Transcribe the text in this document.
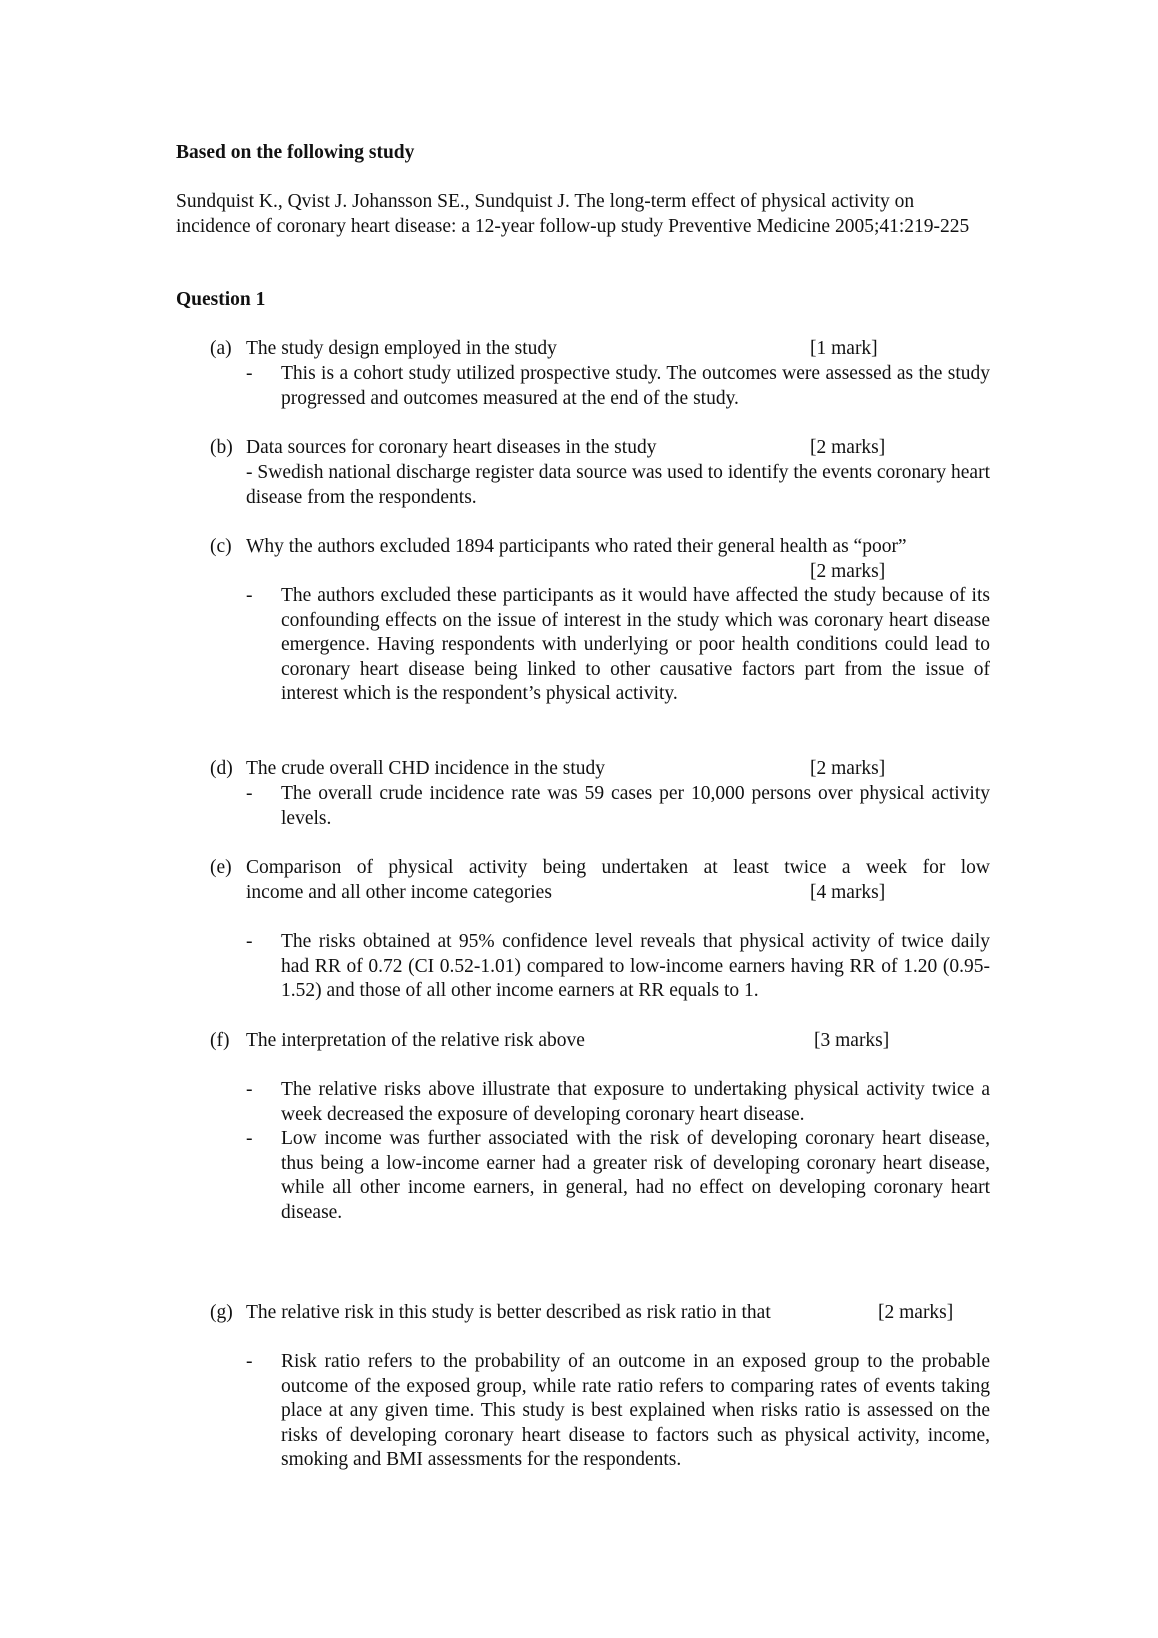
Based on the following study

Sundquist K., Qvist J. Johansson SE., Sundquist J. The long-term effect of physical activity on incidence of coronary heart disease: a 12-year follow-up study Preventive Medicine 2005;41:219-225

Question 1

(a) The study design employed in the study	[1 mark]
- This is a cohort study utilized prospective study. The outcomes were assessed as the study progressed and outcomes measured at the end of the study.
(b) Data sources for coronary heart diseases in the study	[2 marks]

- Swedish national discharge register data source was used to identify the events coronary heart disease from the respondents.

(c) Why the authors excluded 1894 participants who rated their general health as “poor”
[2 marks]
- The authors excluded these participants as it would have affected the study because of its confounding effects on the issue of interest in the study which was coronary heart disease emergence. Having respondents with underlying or poor health conditions could lead to coronary heart disease being linked to other causative factors part from the issue of interest which is the respondent’s physical activity.
(d) The crude overall CHD incidence in the study	[2 marks]
- The overall crude incidence rate was 59 cases per 10,000 persons over physical activity levels.
(e) Comparison of physical activity being undertaken at least twice a week for low
income and all other income categories	[4 marks]
- The risks obtained at 95% confidence level reveals that physical activity of twice daily had RR of 0.72 (CI 0.52-1.01) compared to low-income earners having RR of 1.20 (0.95-1.52) and those of all other income earners at RR equals to 1.
(f) The interpretation of the relative risk above	[3 marks]
- The relative risks above illustrate that exposure to undertaking physical activity twice a week decreased the exposure of developing coronary heart disease.
- Low income was further associated with the risk of developing coronary heart disease, thus being a low-income earner had a greater risk of developing coronary heart disease, while all other income earners, in general, had no effect on developing coronary heart disease.
(g) The relative risk in this study is better described as risk ratio in that	[2 marks]
- Risk ratio refers to the probability of an outcome in an exposed group to the probable outcome of the exposed group, while rate ratio refers to comparing rates of events taking place at any given time. This study is best explained when risks ratio is assessed on the risks of developing coronary heart disease to factors such as physical activity, income, smoking and BMI assessments for the respondents.
